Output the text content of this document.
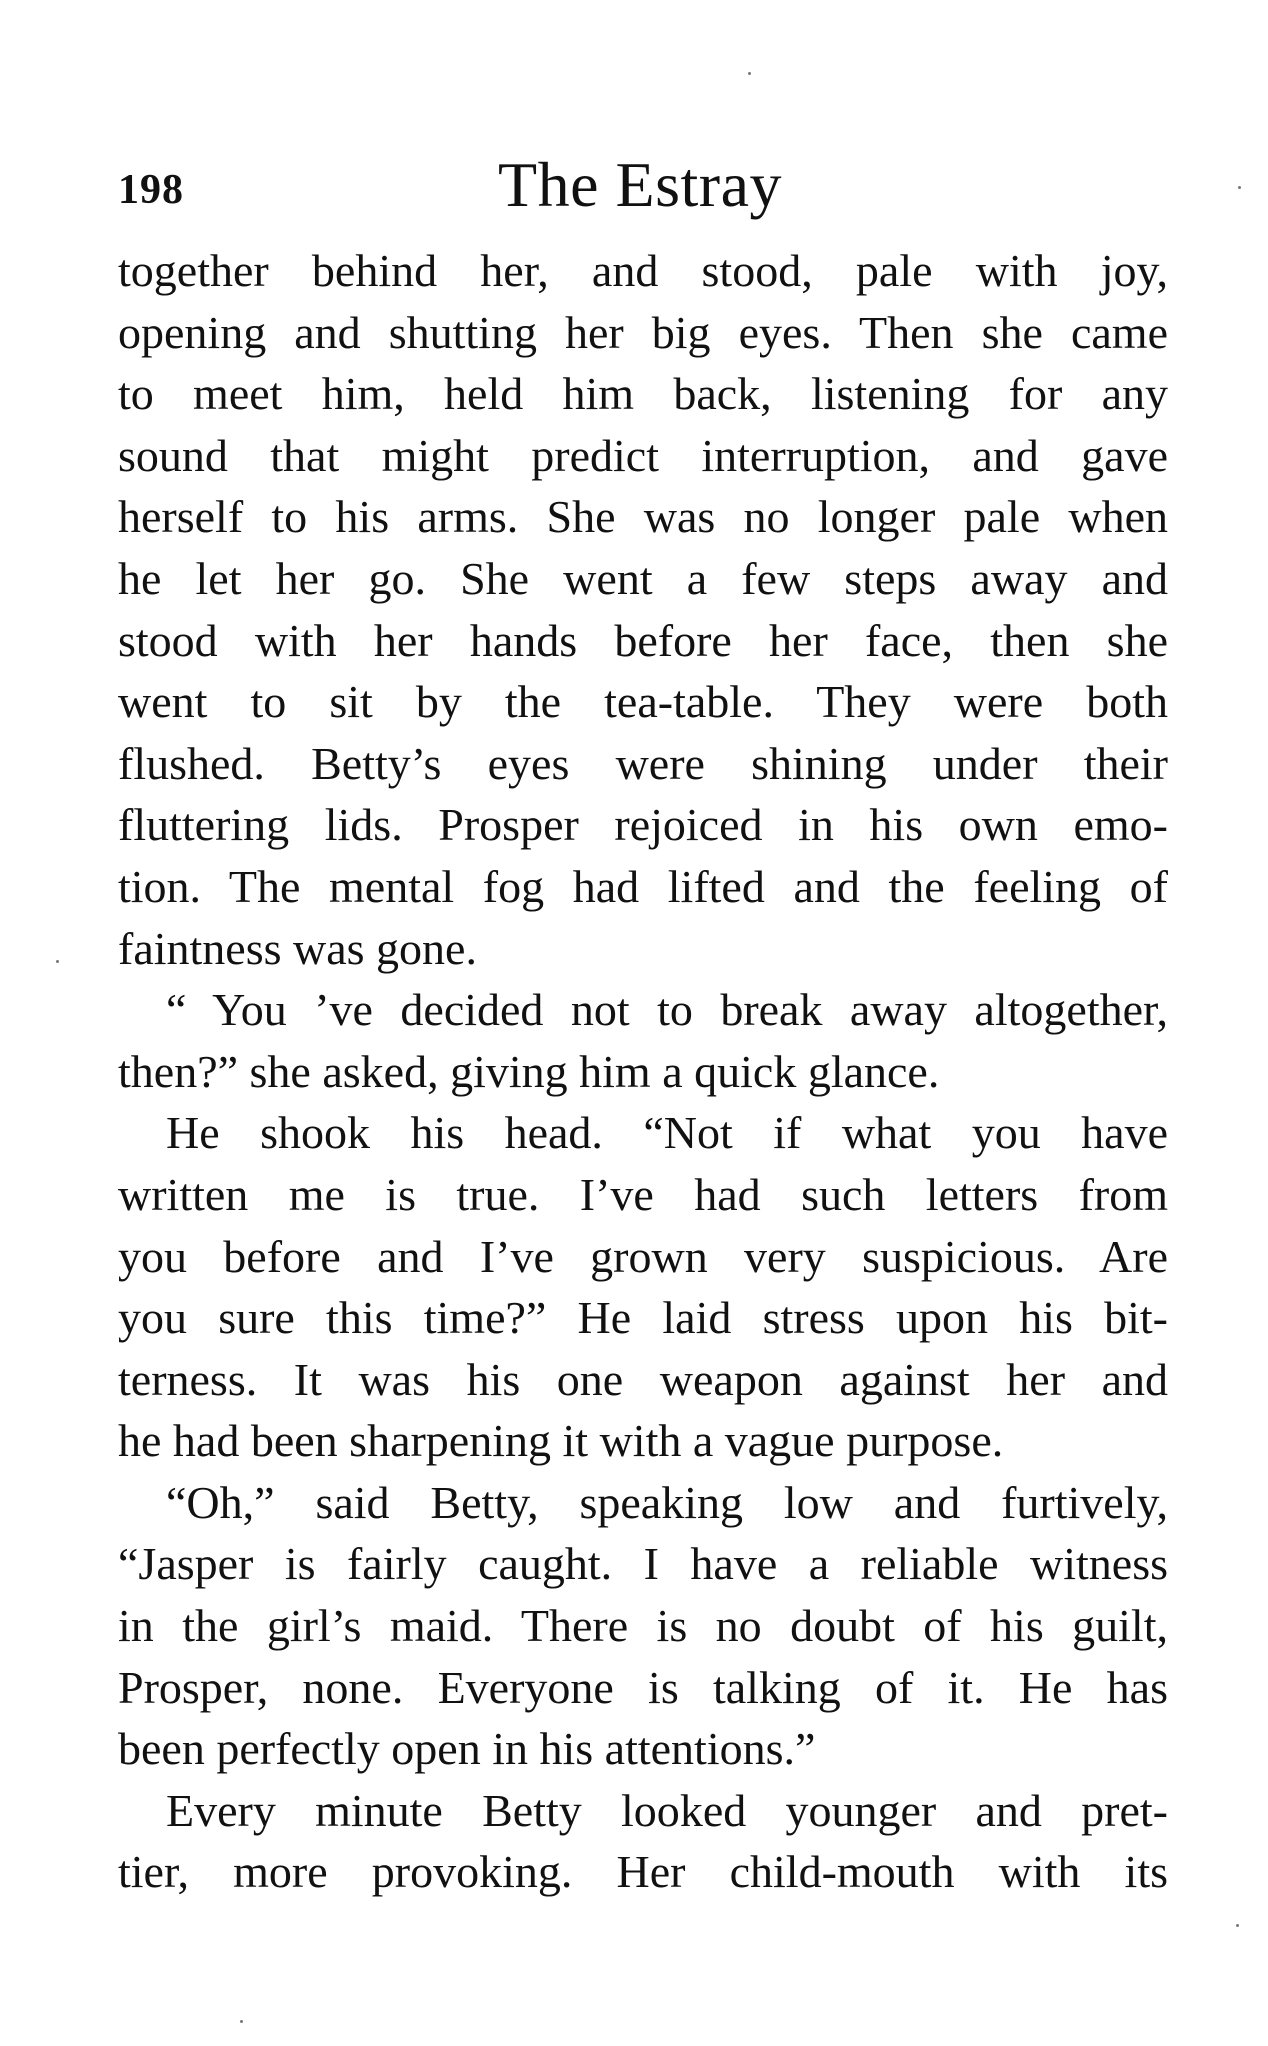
198	The Estray
together behind her, and stood, pale with joy,
opening and shutting her big eyes. Then she came
to meet him, held him back, listening for any
sound that might predict interruption, and gave
herself to his arms. She was no longer pale when
he let her go. She went a few steps away and
stood with her hands before her face, then she
went to sit by the tea-table. They were both
flushed. Betty’s eyes were shining under their
fluttering lids. Prosper rejoiced in his own emo-
tion. The mental fog had lifted and the feeling of
faintness was gone.
“ You ’ve decided not to break away altogether,
then?” she asked, giving him a quick glance.
He shook his head. “Not if what you have
written me is true. I’ve had such letters from
you before and I’ve grown very suspicious. Are
you sure this time?” He laid stress upon his bit-
terness. It was his one weapon against her and
he had been sharpening it with a vague purpose.
“Oh,” said Betty, speaking low and furtively,
“Jasper is fairly caught. I have a reliable witness
in the girl’s maid. There is no doubt of his guilt,
Prosper, none. Everyone is talking of it. He has
been perfectly open in his attentions.”
Every minute Betty looked younger and pret-
tier, more provoking. Her child-mouth with its
